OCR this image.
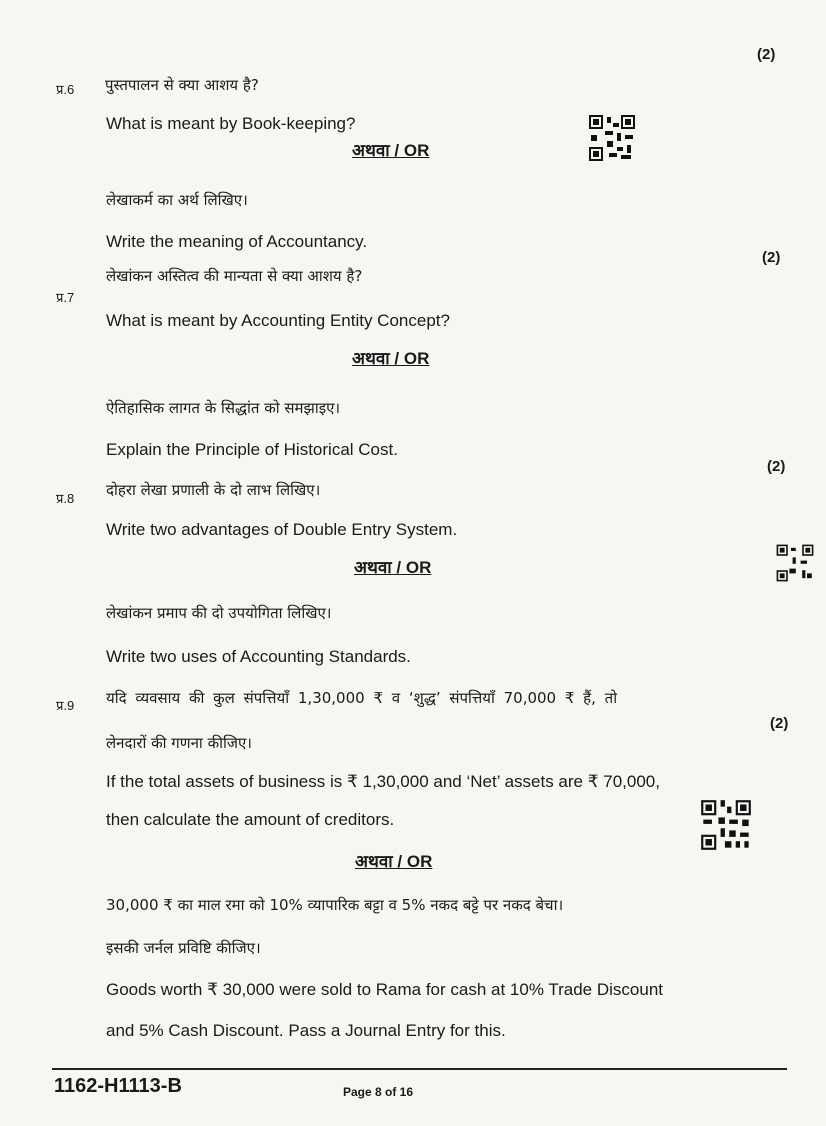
(2)
(2)
(2)
(2)
प्र.6 पुस्तपालन से क्या आशय है?
What is meant by Book-keeping?
अथवा / OR
लेखाकर्म का अर्थ लिखिए।
Write the meaning of Accountancy.
प्र.7
लेखांकन अस्तित्व की मान्यता से क्या आशय है?
What is meant by Accounting Entity Concept?
अथवा / OR
ऐतिहासिक लागत के सिद्धांत को समझाइए।
Explain the Principle of Historical Cost.
प्र.8 दोहरा लेखा प्रणाली के दो लाभ लिखिए।
Write two advantages of Double Entry System.
अथवा / OR
लेखांकन प्रमाप की दो उपयोगिता लिखिए।
Write two uses of Accounting Standards.
प्र.9 यदि व्यवसाय की कुल संपत्तियाँ 1,30,000 ₹ व ‘शुद्ध’ संपत्तियाँ 70,000 ₹ हैं, तो
लेनदारों की गणना कीजिए।
If the total assets of business is ₹ 1,30,000 and ‘Net’ assets are ₹ 70,000,
then calculate the amount of creditors.
अथवा / OR
30,000 ₹ का माल रमा को 10% व्यापारिक बट्टा व 5% नकद बट्टे पर नकद बेचा।
इसकी जर्नल प्रविष्टि कीजिए।
Goods worth ₹ 30,000 were sold to Rama for cash at 10% Trade Discount
and 5% Cash Discount. Pass a Journal Entry for this.
1162-H1113-B	Page 8 of 16
